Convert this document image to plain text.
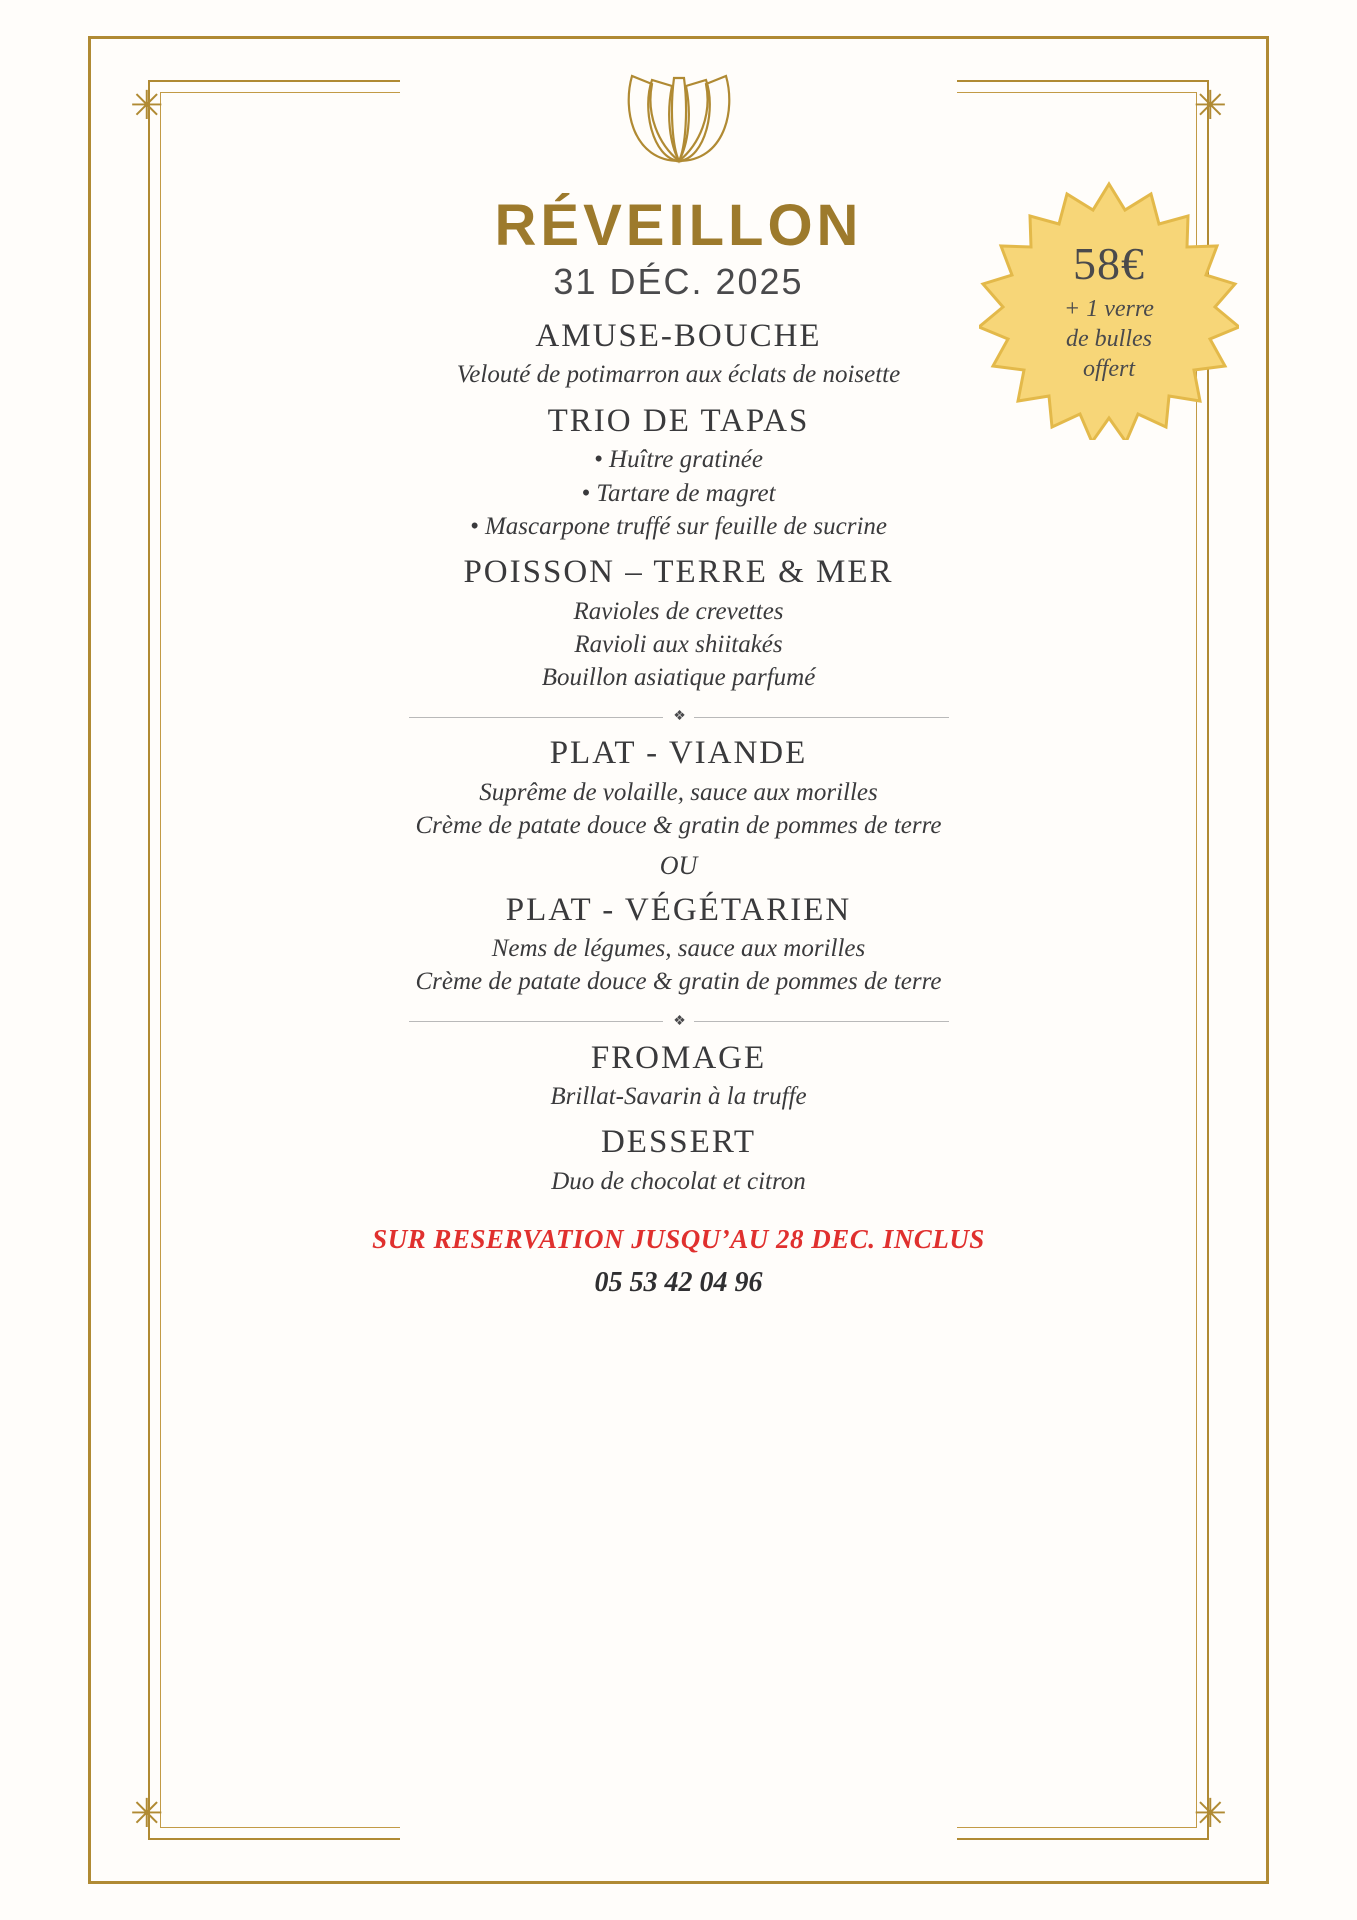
✳	✳
✳	✳
58€
+ 1 verre
de bulles
offert
RÉVEILLON
31 DÉC. 2025
AMUSE-BOUCHE
Velouté de potimarron aux éclats de noisette
TRIO DE TAPAS
• Huître gratinée
• Tartare de magret
• Mascarpone truffé sur feuille de sucrine
POISSON – TERRE & MER
Ravioles de crevettes
Ravioli aux shiitakés
Bouillon asiatique parfumé
❖
PLAT - VIANDE
Suprême de volaille, sauce aux morilles
Crème de patate douce & gratin de pommes de terre
OU
PLAT - VÉGÉTARIEN
Nems de légumes, sauce aux morilles
Crème de patate douce & gratin de pommes de terre
❖
FROMAGE
Brillat-Savarin à la truffe
DESSERT
Duo de chocolat et citron
SUR RESERVATION JUSQU’AU 28 DEC. INCLUS
05 53 42 04 96
